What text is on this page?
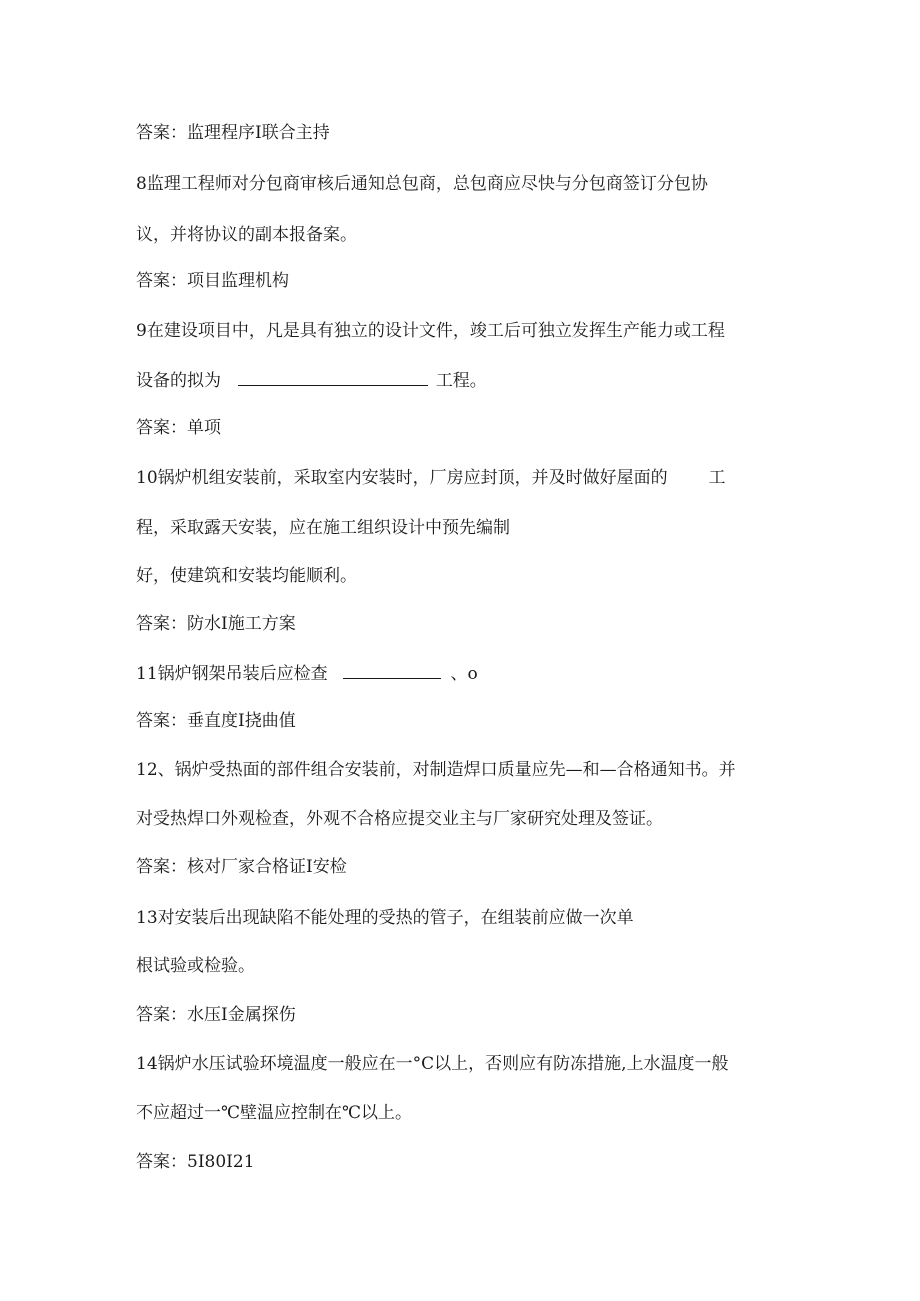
答案：监理程序I联合主持
8监理工程师对分包商审核后通知总包商，总包商应尽快与分包商签订分包协
议，并将协议的副本报备案。
答案：项目监理机构
9在建设项目中，凡是具有独立的设计文件，竣工后可独立发挥生产能力或工程
设备的拟为	工程。
答案：单项
10锅炉机组安装前，采取室内安装时，厂房应封顶，并及时做好屋面的 工
程，采取露天安装，应在施工组织设计中预先编制
好，使建筑和安装均能顺利。
答案：防水I施工方案
11锅炉钢架吊装后应检查	、o
答案：垂直度I挠曲值
12、锅炉受热面的部件组合安装前，对制造焊口质量应先—和—合格通知书。并
对受热焊口外观检查，外观不合格应提交业主与厂家研究处理及签证。
答案：核对厂家合格证I安检
13对安装后出现缺陷不能处理的受热的管子，在组装前应做一次单
根试验或检验。
答案：水压I金属探伤
14锅炉水压试验环境温度一般应在一°C以上，否则应有防冻措施,上水温度一般
不应超过一℃壁温应控制在℃以上。
答案：5I80I21
